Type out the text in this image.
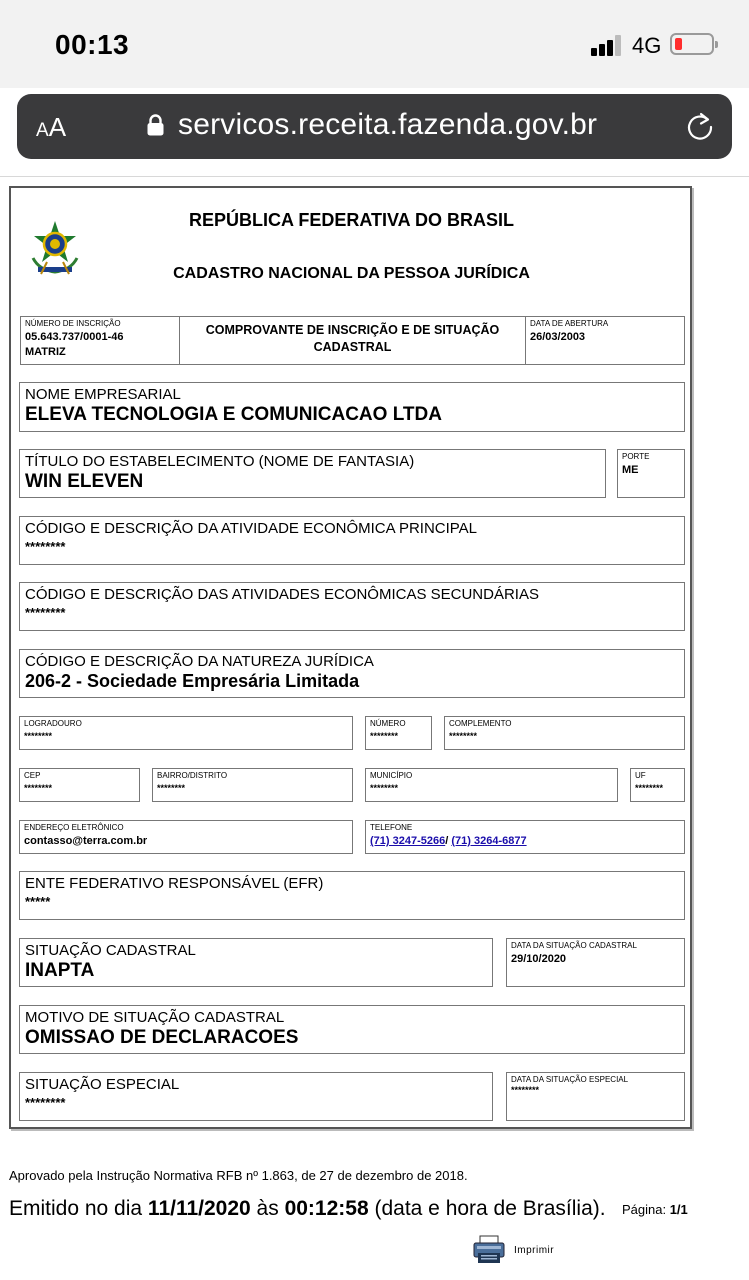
00:13	4G
AA	servicos.receita.fazenda.gov.br
REPÚBLICA FEDERATIVA DO BRASIL
CADASTRO NACIONAL DA PESSOA JURÍDICA
NÚMERO DE INSCRIÇÃO
05.643.737/0001-46
MATRIZ
COMPROVANTE DE INSCRIÇÃO E DE SITUAÇÃO
CADASTRAL
DATA DE ABERTURA
26/03/2003
NOME EMPRESARIAL
ELEVA TECNOLOGIA E COMUNICACAO LTDA
TÍTULO DO ESTABELECIMENTO (NOME DE FANTASIA)
WIN ELEVEN
PORTE
ME
CÓDIGO E DESCRIÇÃO DA ATIVIDADE ECONÔMICA PRINCIPAL
********
CÓDIGO E DESCRIÇÃO DAS ATIVIDADES ECONÔMICAS SECUNDÁRIAS
********
CÓDIGO E DESCRIÇÃO DA NATUREZA JURÍDICA
206-2 - Sociedade Empresária Limitada
LOGRADOURO
********
NÚMERO
********
COMPLEMENTO
********
CEP
********
BAIRRO/DISTRITO
********
MUNICÍPIO
********
UF
********
ENDEREÇO ELETRÔNICO
contasso@terra.com.br
TELEFONE
(71) 3247-5266/ (71) 3264-6877
ENTE FEDERATIVO RESPONSÁVEL (EFR)
*****
SITUAÇÃO CADASTRAL
INAPTA
DATA DA SITUAÇÃO CADASTRAL
29/10/2020
MOTIVO DE SITUAÇÃO CADASTRAL
OMISSAO DE DECLARACOES
SITUAÇÃO ESPECIAL
********
DATA DA SITUAÇÃO ESPECIAL
********
Aprovado pela Instrução Normativa RFB nº 1.863, de 27 de dezembro de 2018.
Emitido no dia 11/11/2020 às 00:12:58 (data e hora de Brasília). Página: 1/1
Imprimir
